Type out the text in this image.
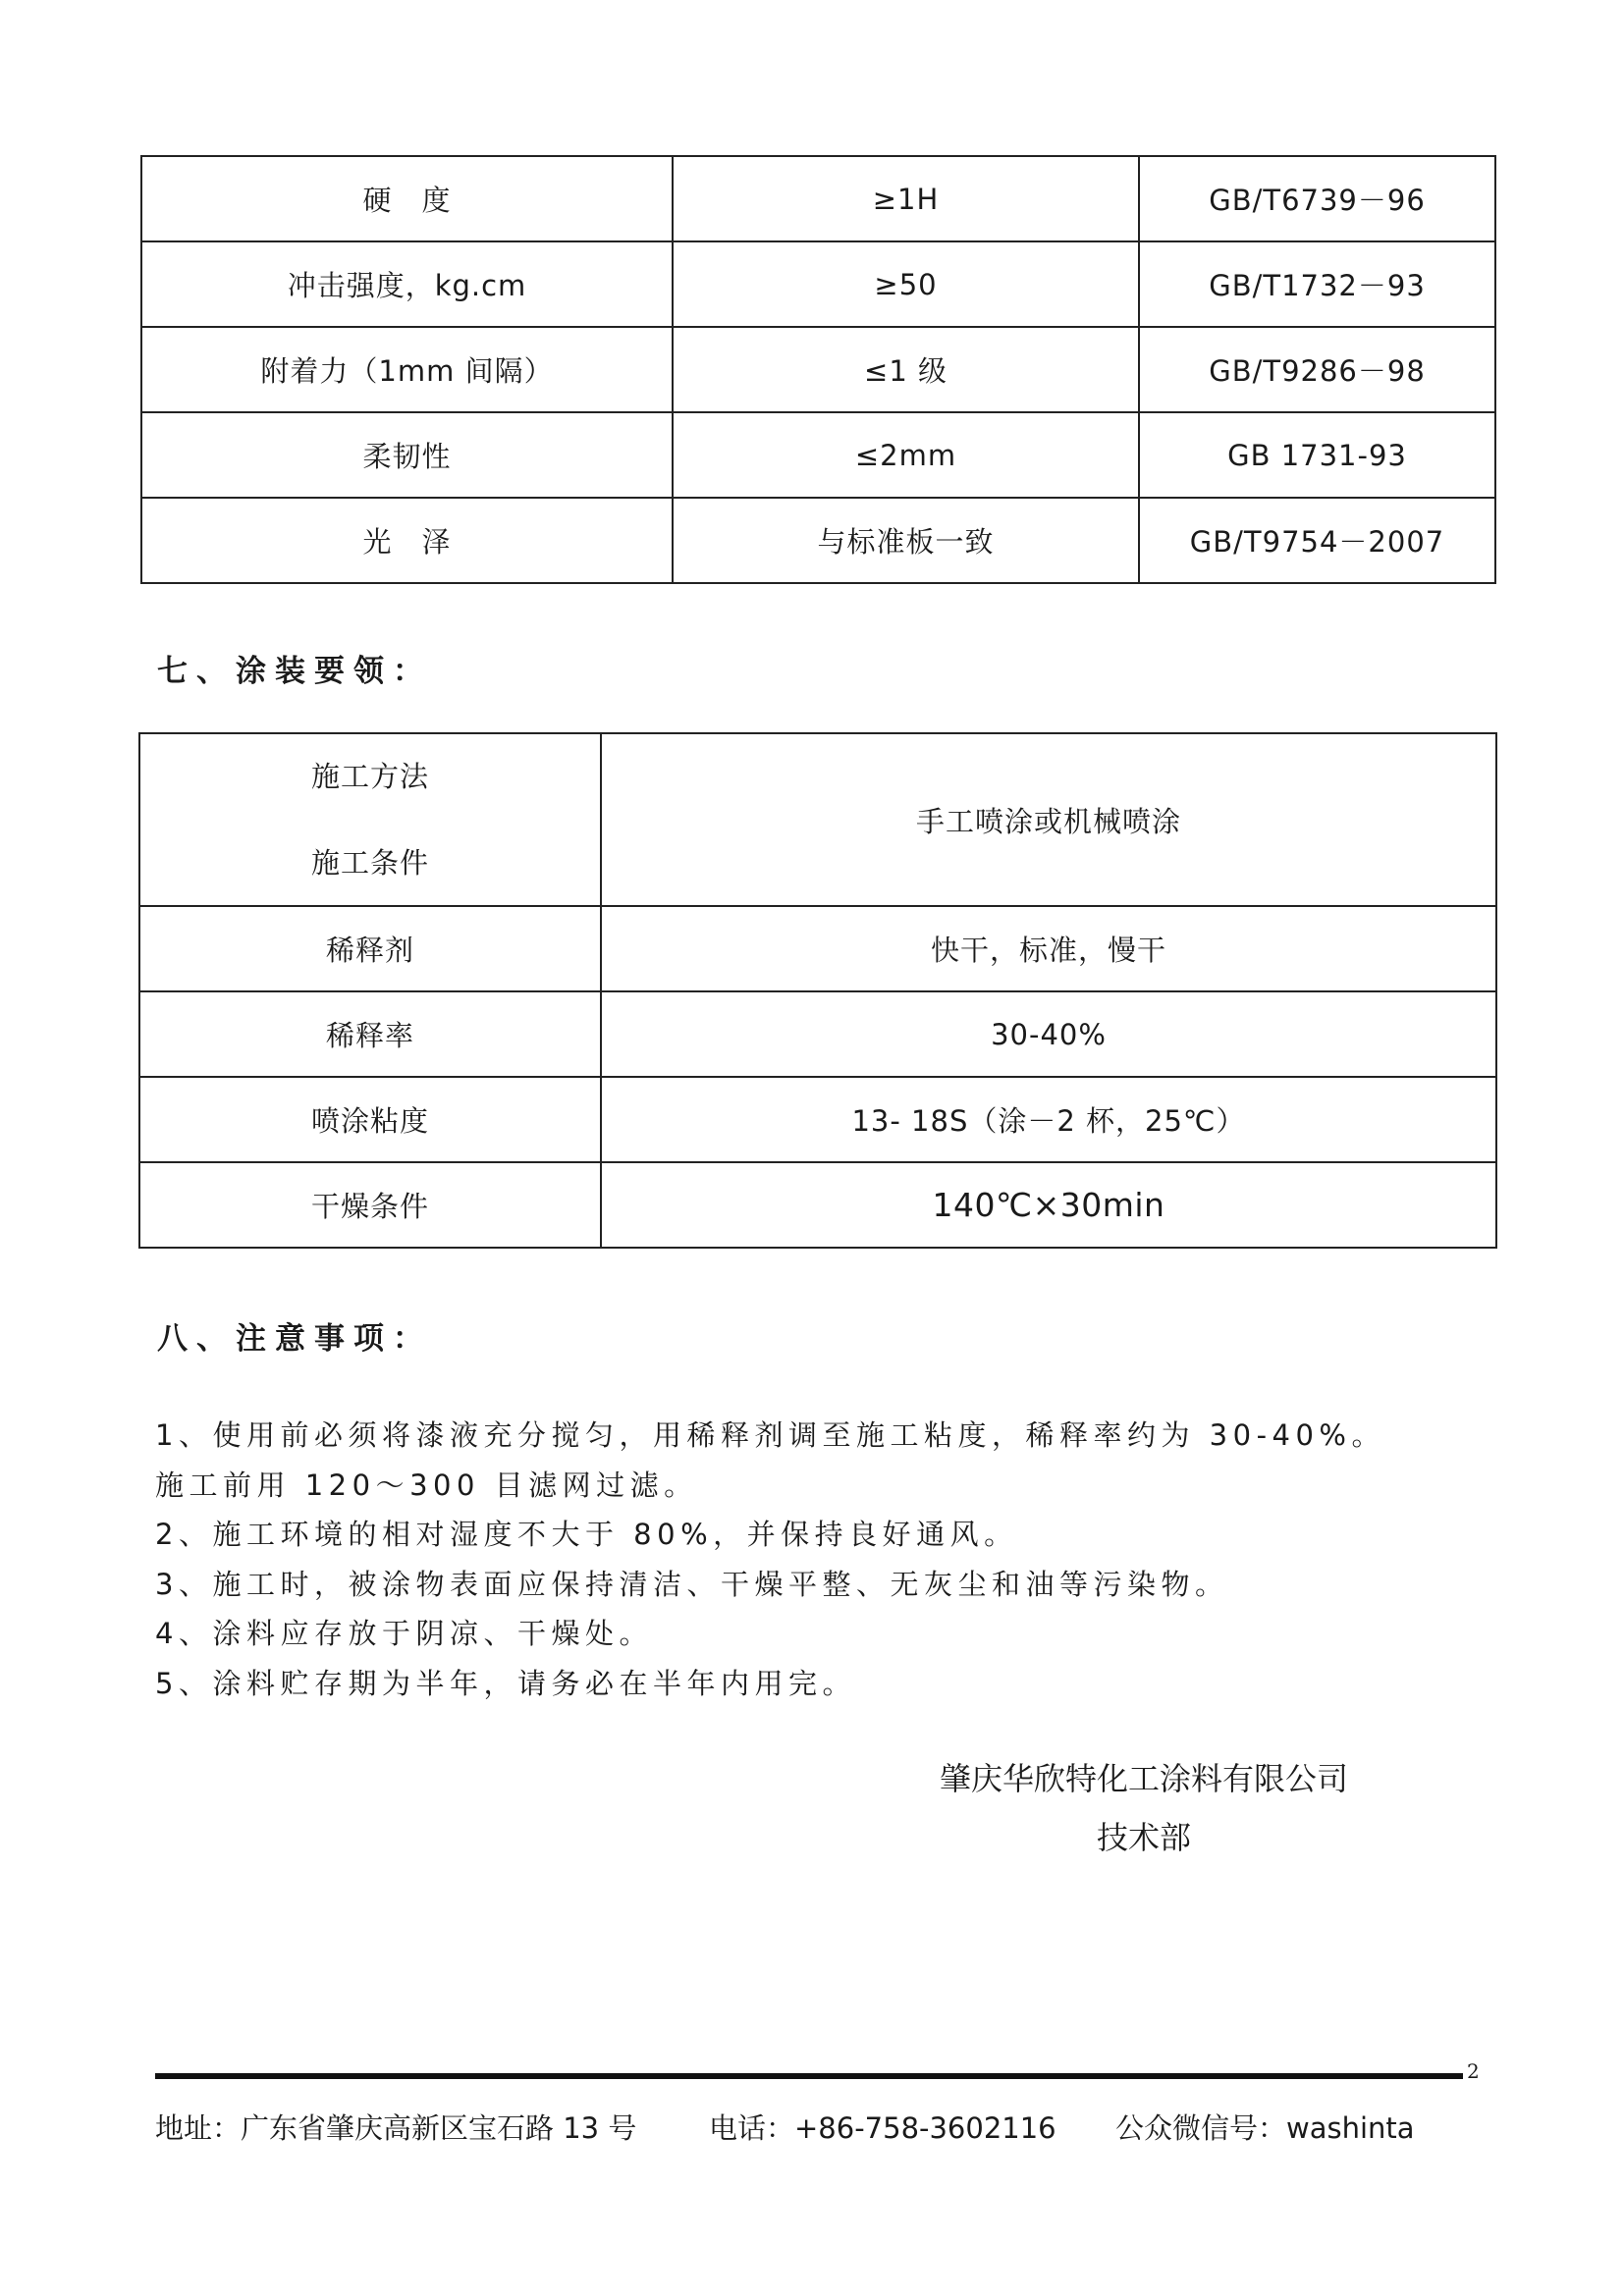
硬　度	≥1H	GB/T6739－96
冲击强度，kg.cm	≥50	GB/T1732－93
附着力（1mm 间隔）	≤1 级	GB/T9286－98
柔韧性	≤2mm	GB 1731-93
光　泽	与标准板一致	GB/T9754－2007
七、涂装要领：
施工方法
施工条件	手工喷涂或机械喷涂
稀释剂	快干，标准，慢干
稀释率	30-40%
喷涂粘度	13- 18S（涂－2 杯，25℃）
干燥条件	140℃×30min
八、注意事项：
1、使用前必须将漆液充分搅匀，用稀释剂调至施工粘度，稀释率约为 30-40%。
施工前用 120～300 目滤网过滤。
2、施工环境的相对湿度不大于 80%，并保持良好通风。
3、施工时，被涂物表面应保持清洁、干燥平整、无灰尘和油等污染物。
4、涂料应存放于阴凉、干燥处。
5、涂料贮存期为半年，请务必在半年内用完。
肇庆华欣特化工涂料有限公司
技术部
2
地址：广东省肇庆高新区宝石路 13 号	电话：+86-758-3602116 公众微信号：washinta
